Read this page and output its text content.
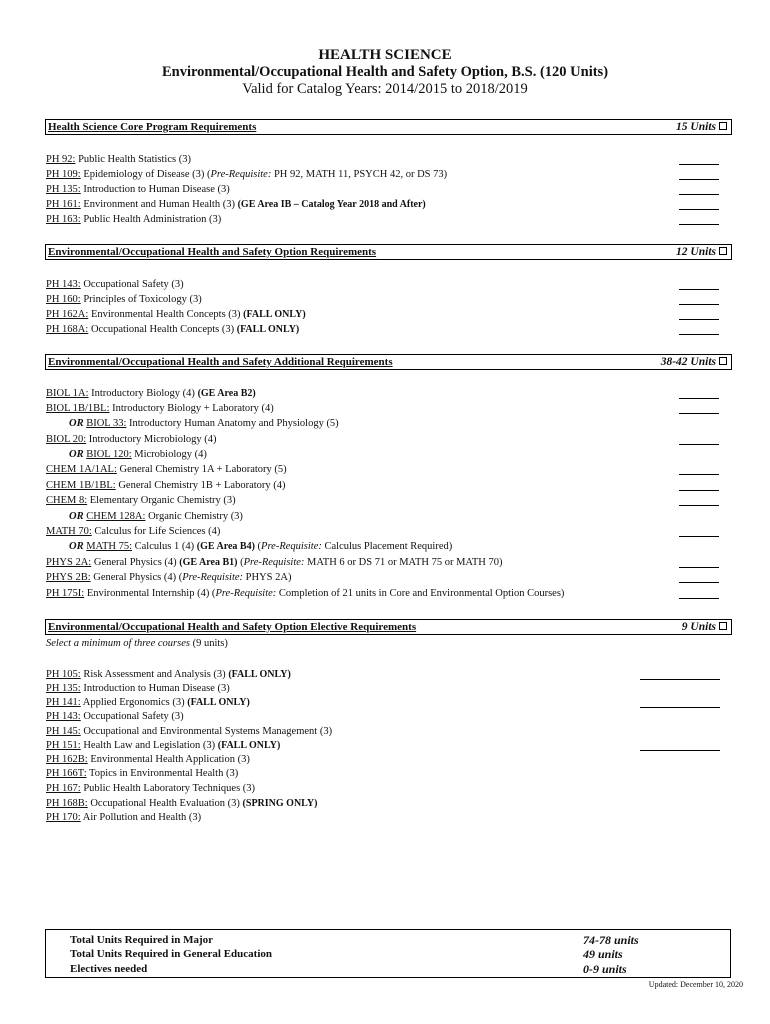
HEALTH SCIENCE
Environmental/Occupational Health and Safety Option, B.S. (120 Units)
Valid for Catalog Years: 2014/2015 to 2018/2019
Health Science Core Program Requirements	15 Units
PH 92: Public Health Statistics (3)
PH 109: Epidemiology of Disease (3) (Pre-Requisite: PH 92, MATH 11, PSYCH 42, or DS 73)
PH 135: Introduction to Human Disease (3)
PH 161: Environment and Human Health (3) (GE Area IB – Catalog Year 2018 and After)
PH 163: Public Health Administration (3)
Environmental/Occupational Health and Safety Option Requirements	12 Units
PH 143: Occupational Safety (3)
PH 160: Principles of Toxicology (3)
PH 162A: Environmental Health Concepts (3) (FALL ONLY)
PH 168A: Occupational Health Concepts (3) (FALL ONLY)
Environmental/Occupational Health and Safety Additional Requirements	38-42 Units
BIOL 1A: Introductory Biology (4) (GE Area B2)
BIOL 1B/1BL: Introductory Biology + Laboratory (4)
OR BIOL 33: Introductory Human Anatomy and Physiology (5)
BIOL 20: Introductory Microbiology (4)
OR BIOL 120: Microbiology (4)
CHEM 1A/1AL: General Chemistry 1A + Laboratory (5)
CHEM 1B/1BL: General Chemistry 1B + Laboratory (4)
CHEM 8: Elementary Organic Chemistry (3)
OR CHEM 128A: Organic Chemistry (3)
MATH 70: Calculus for Life Sciences (4)
OR MATH 75: Calculus 1 (4) (GE Area B4) (Pre-Requisite: Calculus Placement Required)
PHYS 2A: General Physics (4) (GE Area B1) (Pre-Requisite: MATH 6 or DS 71 or MATH 75 or MATH 70)
PHYS 2B: General Physics (4) (Pre-Requisite: PHYS 2A)
PH 175I: Environmental Internship (4) (Pre-Requisite: Completion of 21 units in Core and Environmental Option Courses)
Environmental/Occupational Health and Safety Option Elective Requirements	9 Units
Select a minimum of three courses (9 units)
PH 105: Risk Assessment and Analysis (3) (FALL ONLY)
PH 135: Introduction to Human Disease (3)
PH 141: Applied Ergonomics (3) (FALL ONLY)
PH 143: Occupational Safety (3)
PH 145: Occupational and Environmental Systems Management (3)
PH 151: Health Law and Legislation (3) (FALL ONLY)
PH 162B: Environmental Health Application (3)
PH 166T: Topics in Environmental Health (3)
PH 167: Public Health Laboratory Techniques (3)
PH 168B: Occupational Health Evaluation (3) (SPRING ONLY)
PH 170: Air Pollution and Health (3)
Total Units Required in Major	74-78 units
Total Units Required in General Education	49 units
Electives needed	0-9 units
Updated: December 10, 2020
